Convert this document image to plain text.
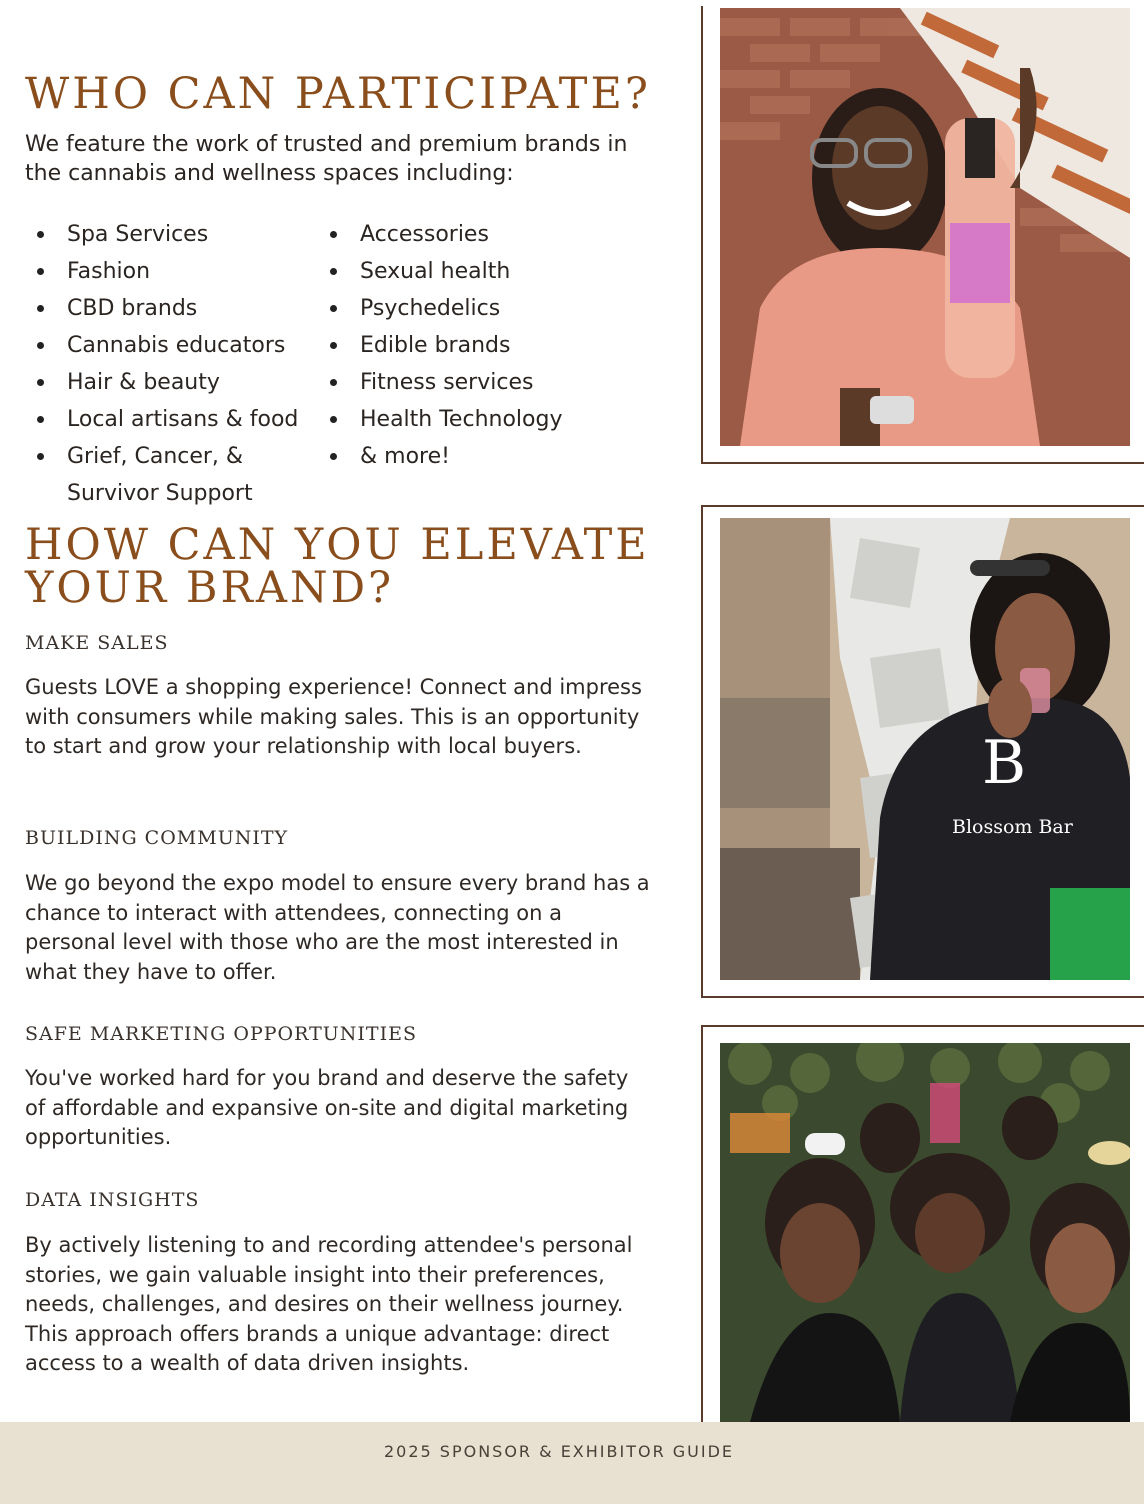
WHO CAN PARTICIPATE?

We feature the work of trusted and premium brands in the cannabis and wellness spaces including:

Spa Services
Fashion
CBD brands
Cannabis educators
Hair & beauty
Local artisans & food
Grief, Cancer, &
Survivor Support
Accessories
Sexual health
Psychedelics
Edible brands
Fitness services
Health Technology
& more!
HOW CAN YOU ELEVATE
YOUR BRAND?
MAKE SALES

Guests LOVE a shopping experience! Connect and impress with consumers while making sales. This is an opportunity to start and grow your relationship with local buyers.

BUILDING COMMUNITY

We go beyond the expo model to ensure every brand has a chance to interact with attendees, connecting on a personal level with those who are the most interested in what they have to offer.

SAFE MARKETING OPPORTUNITIES

You've worked hard for you brand and deserve the safety of affordable and expansive on-site and digital marketing opportunities.

DATA INSIGHTS

By actively listening to and recording attendee's personal stories, we gain valuable insight into their preferences, needs, challenges, and desires on their wellness journey. This approach offers brands a unique advantage: direct access to a wealth of data driven insights.

B
Blossom Bar
2025 SPONSOR & EXHIBITOR GUIDE
